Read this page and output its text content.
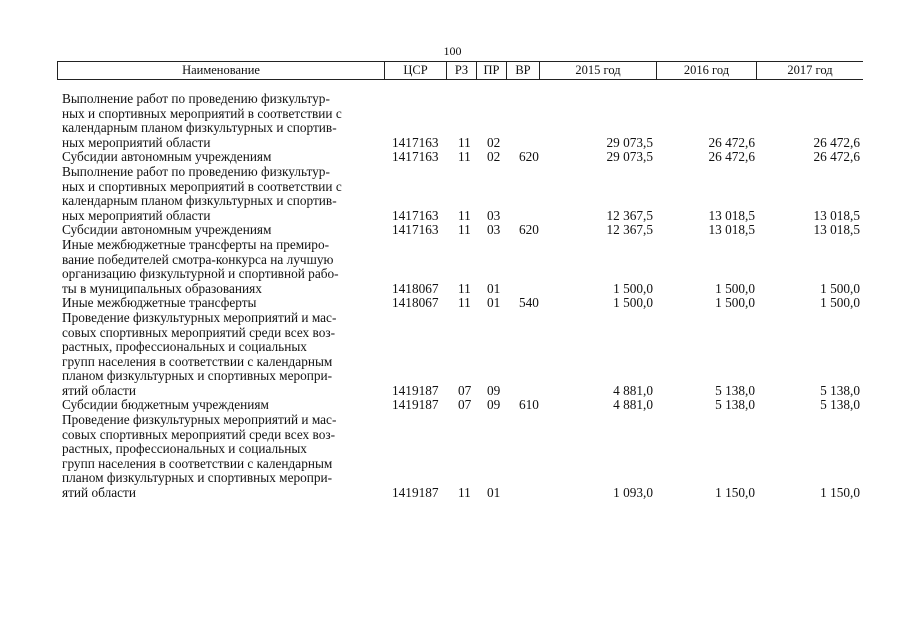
100
Наименование	ЦСР	РЗ	ПР	ВР	2015 год	2016 год	2017 год
Выполнение работ по проведению физкультур-
ных и спортивных мероприятий в соответствии с
календарным планом физкультурных и спортив-
ных мероприятий области	1417163 11 02	29 073,5	26 472,6	26 472,6
Субсидии автономным учреждениям	1417163 11 02 620	29 073,5	26 472,6	26 472,6
Выполнение работ по проведению физкультур-
ных и спортивных мероприятий в соответствии с
календарным планом физкультурных и спортив-
ных мероприятий области	1417163 11 03	12 367,5	13 018,5	13 018,5
Субсидии автономным учреждениям	1417163 11 03 620	12 367,5	13 018,5	13 018,5
Иные межбюджетные трансферты на премиро-
вание победителей смотра-конкурса на лучшую
организацию физкультурной и спортивной рабо-
ты в муниципальных образованиях	1418067 11 01	1 500,0	1 500,0	1 500,0
Иные межбюджетные трансферты	1418067 11 01 540	1 500,0	1 500,0	1 500,0
Проведение физкультурных мероприятий и мас-
совых спортивных мероприятий среди всех воз-
растных, профессиональных и социальных
групп населения в соответствии с календарным
планом физкультурных и спортивных меропри-
ятий области	1419187 07 09	4 881,0	5 138,0	5 138,0
Субсидии бюджетным учреждениям	1419187 07 09 610	4 881,0	5 138,0	5 138,0
Проведение физкультурных мероприятий и мас-
совых спортивных мероприятий среди всех воз-
растных, профессиональных и социальных
групп населения в соответствии с календарным
планом физкультурных и спортивных меропри-
ятий области	1419187 11 01	1 093,0	1 150,0	1 150,0
